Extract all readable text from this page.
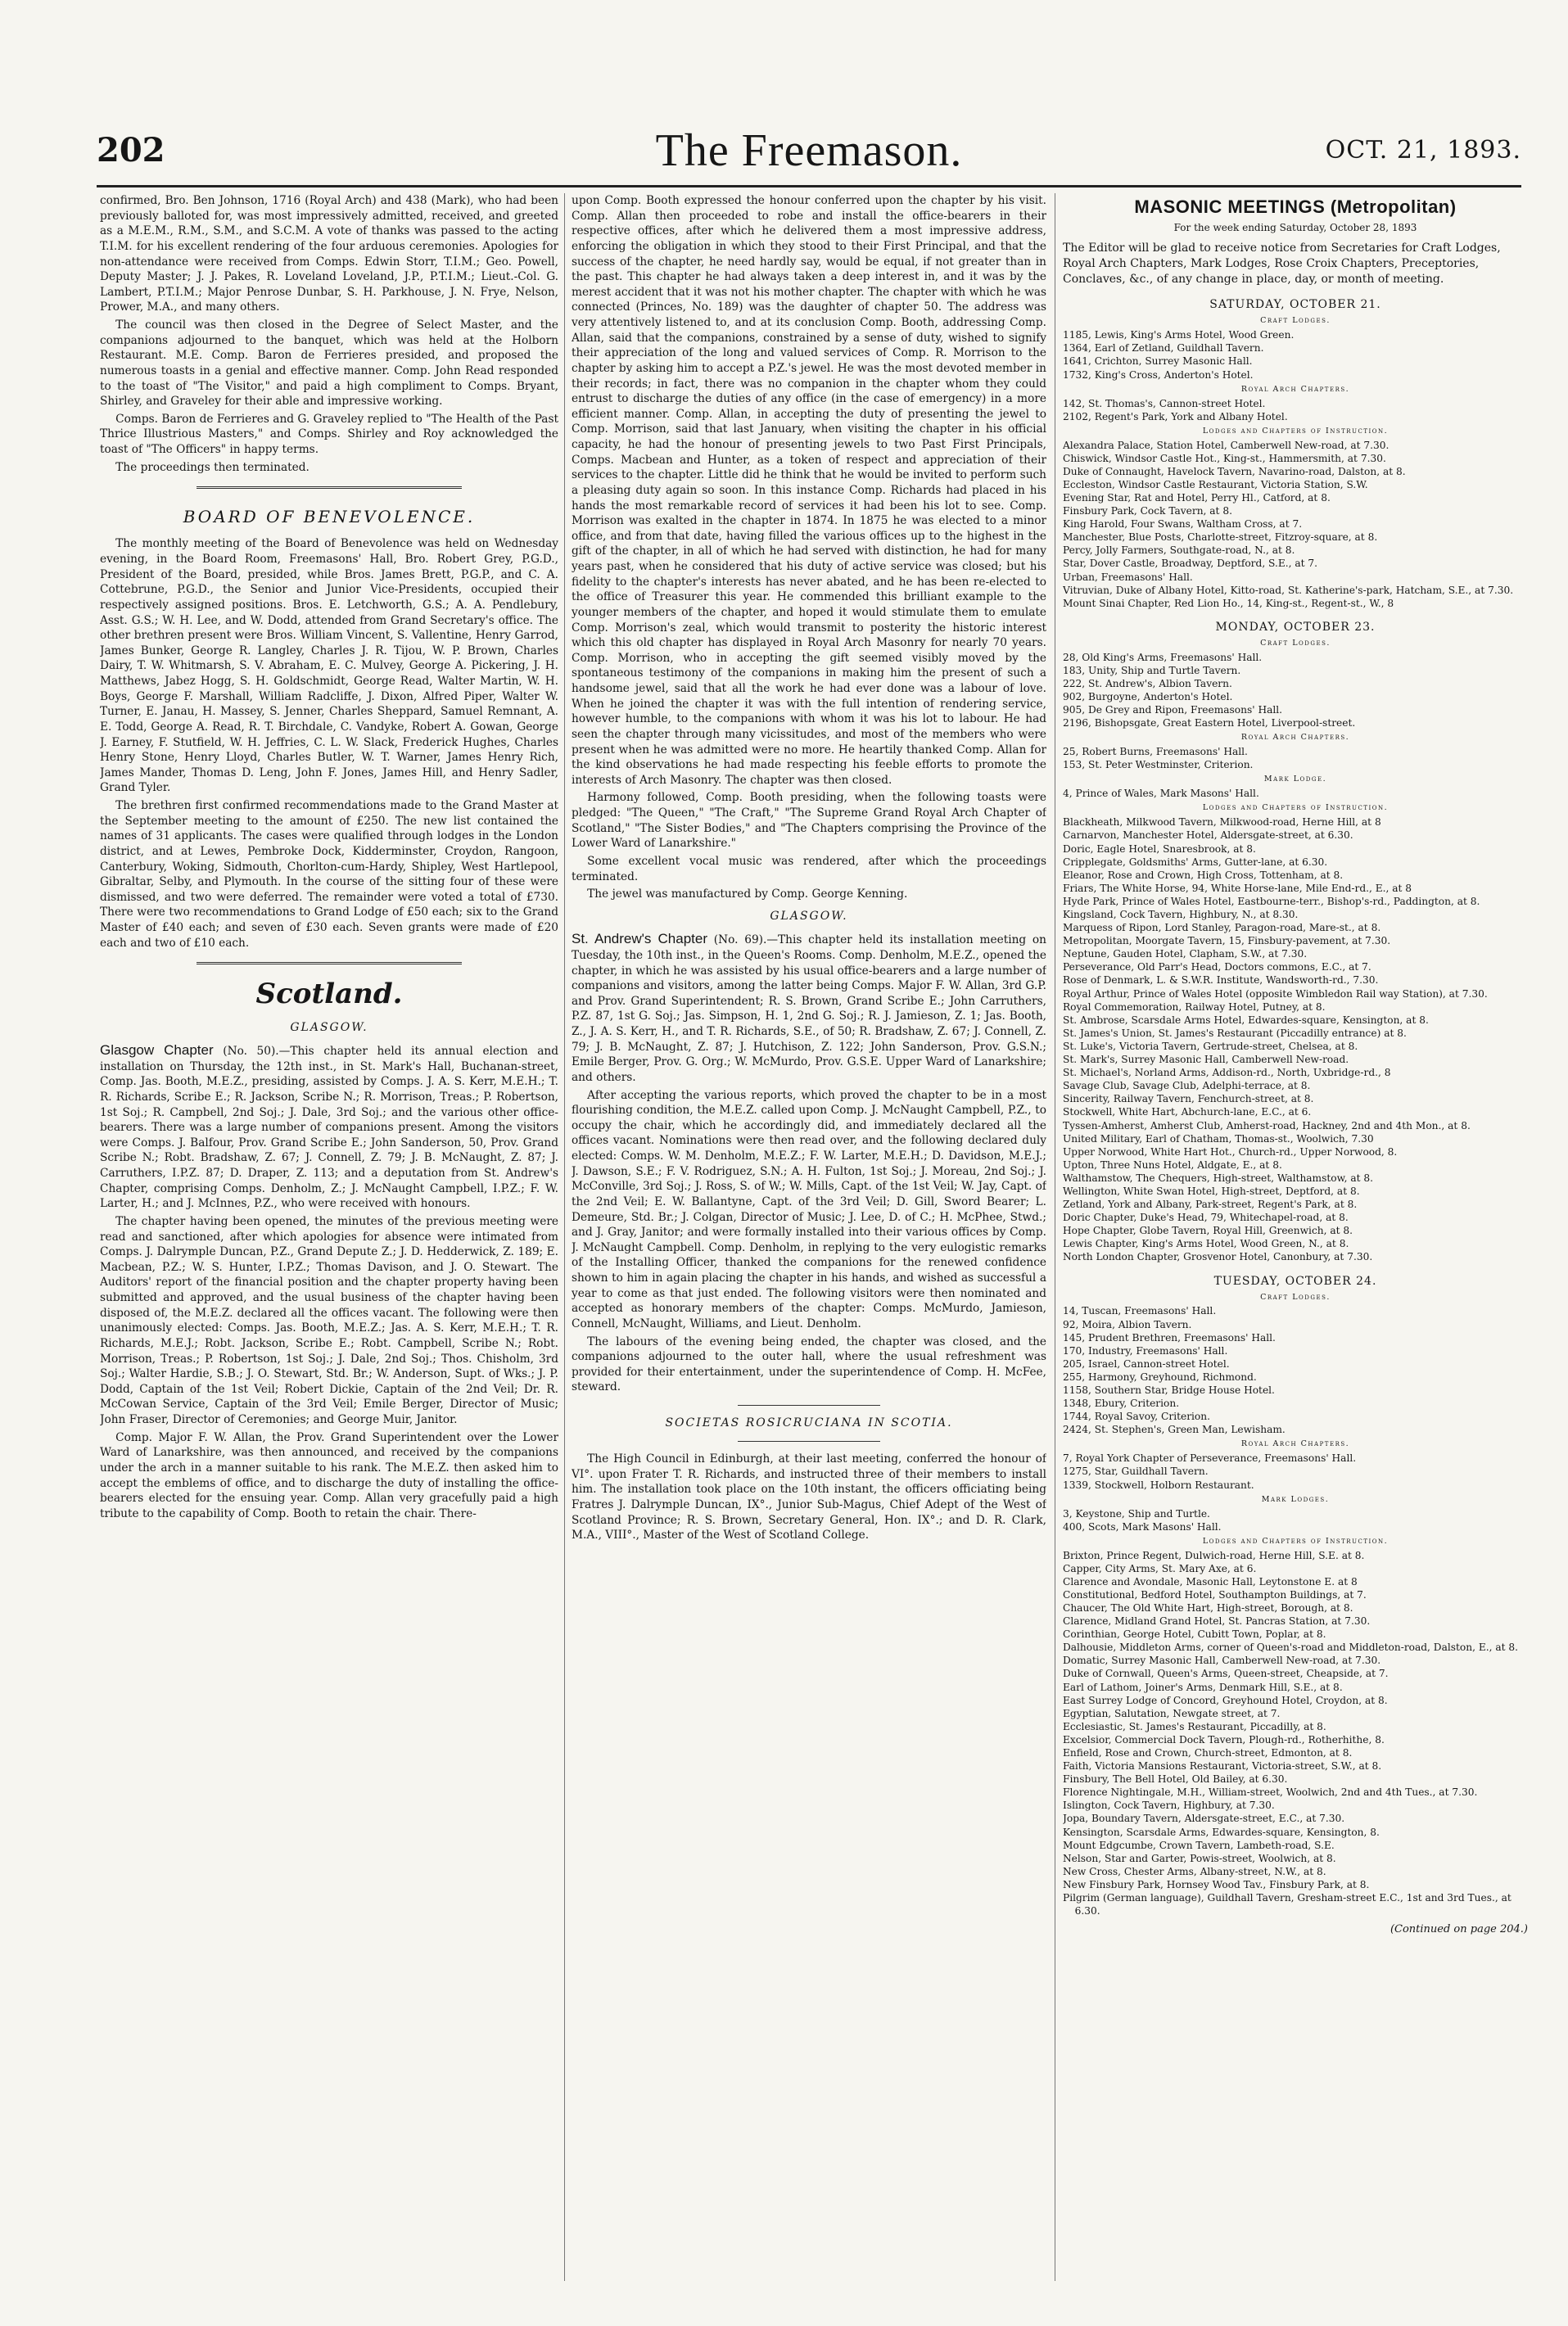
202	The Freemason.	OCT. 21, 1893.

confirmed, Bro. Ben Johnson, 1716 (Royal Arch) and 438 (Mark), who had been previously balloted for, was most impressively admitted, received, and greeted as a M.E.M., R.M., S.M., and S.C.M. A vote of thanks was passed to the acting T.I.M. for his excellent rendering of the four arduous ceremonies. Apologies for non-attendance were received from Comps. Edwin Storr, T.I.M.; Geo. Powell, Deputy Master; J. J. Pakes, R. Loveland Loveland, J.P., P.T.I.M.; Lieut.-Col. G. Lambert, P.T.I.M.; Major Penrose Dunbar, S. H. Parkhouse, J. N. Frye, Nelson, Prower, M.A., and many others.

The council was then closed in the Degree of Select Master, and the companions adjourned to the banquet, which was held at the Holborn Restaurant. M.E. Comp. Baron de Ferrieres presided, and proposed the numerous toasts in a genial and effective manner. Comp. John Read responded to the toast of "The Visitor," and paid a high compliment to Comps. Bryant, Shirley, and Graveley for their able and impressive working.

Comps. Baron de Ferrieres and G. Graveley replied to "The Health of the Past Thrice Illustrious Masters," and Comps. Shirley and Roy acknowledged the toast of "The Officers" in happy terms.

The proceedings then terminated.

BOARD OF BENEVOLENCE.

The monthly meeting of the Board of Benevolence was held on Wednesday evening, in the Board Room, Freemasons' Hall, Bro. Robert Grey, P.G.D., President of the Board, presided, while Bros. James Brett, P.G.P., and C. A. Cottebrune, P.G.D., the Senior and Junior Vice-Presidents, occupied their respectively assigned positions. Bros. E. Letchworth, G.S.; A. A. Pendlebury, Asst. G.S.; W. H. Lee, and W. Dodd, attended from Grand Secretary's office. The other brethren present were Bros. William Vincent, S. Vallentine, Henry Garrod, James Bunker, George R. Langley, Charles J. R. Tijou, W. P. Brown, Charles Dairy, T. W. Whitmarsh, S. V. Abraham, E. C. Mulvey, George A. Pickering, J. H. Matthews, Jabez Hogg, S. H. Goldschmidt, George Read, Walter Martin, W. H. Boys, George F. Marshall, William Radcliffe, J. Dixon, Alfred Piper, Walter W. Turner, E. Janau, H. Massey, S. Jenner, Charles Sheppard, Samuel Remnant, A. E. Todd, George A. Read, R. T. Birchdale, C. Vandyke, Robert A. Gowan, George J. Earney, F. Stutfield, W. H. Jeffries, C. L. W. Slack, Frederick Hughes, Charles Henry Stone, Henry Lloyd, Charles Butler, W. T. Warner, James Henry Rich, James Mander, Thomas D. Leng, John F. Jones, James Hill, and Henry Sadler, Grand Tyler.

The brethren first confirmed recommendations made to the Grand Master at the September meeting to the amount of £250. The new list contained the names of 31 applicants. The cases were qualified through lodges in the London district, and at Lewes, Pembroke Dock, Kidderminster, Croydon, Rangoon, Canterbury, Woking, Sidmouth, Chorlton-cum-Hardy, Shipley, West Hartlepool, Gibraltar, Selby, and Plymouth. In the course of the sitting four of these were dismissed, and two were deferred. The remainder were voted a total of £730. There were two recommendations to Grand Lodge of £50 each; six to the Grand Master of £40 each; and seven of £30 each. Seven grants were made of £20 each and two of £10 each.

Scotland.
GLASGOW.

Glasgow Chapter (No. 50).—This chapter held its annual election and installation on Thursday, the 12th inst., in St. Mark's Hall, Buchanan-street, Comp. Jas. Booth, M.E.Z., presiding, assisted by Comps. J. A. S. Kerr, M.E.H.; T. R. Richards, Scribe E.; R. Jackson, Scribe N.; R. Morrison, Treas.; P. Robertson, 1st Soj.; R. Campbell, 2nd Soj.; J. Dale, 3rd Soj.; and the various other office-bearers. There was a large number of companions present. Among the visitors were Comps. J. Balfour, Prov. Grand Scribe E.; John Sanderson, 50, Prov. Grand Scribe N.; Robt. Bradshaw, Z. 67; J. Connell, Z. 79; J. B. McNaught, Z. 87; J. Carruthers, I.P.Z. 87; D. Draper, Z. 113; and a deputation from St. Andrew's Chapter, comprising Comps. Denholm, Z.; J. McNaught Campbell, I.P.Z.; F. W. Larter, H.; and J. McInnes, P.Z., who were received with honours.

The chapter having been opened, the minutes of the previous meeting were read and sanctioned, after which apologies for absence were intimated from Comps. J. Dalrymple Duncan, P.Z., Grand Depute Z.; J. D. Hedderwick, Z. 189; E. Macbean, P.Z.; W. S. Hunter, I.P.Z.; Thomas Davison, and J. O. Stewart. The Auditors' report of the financial position and the chapter property having been submitted and approved, and the usual business of the chapter having been disposed of, the M.E.Z. declared all the offices vacant. The following were then unanimously elected: Comps. Jas. Booth, M.E.Z.; Jas. A. S. Kerr, M.E.H.; T. R. Richards, M.E.J.; Robt. Jackson, Scribe E.; Robt. Campbell, Scribe N.; Robt. Morrison, Treas.; P. Robertson, 1st Soj.; J. Dale, 2nd Soj.; Thos. Chisholm, 3rd Soj.; Walter Hardie, S.B.; J. O. Stewart, Std. Br.; W. Anderson, Supt. of Wks.; J. P. Dodd, Captain of the 1st Veil; Robert Dickie, Captain of the 2nd Veil; Dr. R. McCowan Service, Captain of the 3rd Veil; Emile Berger, Director of Music; John Fraser, Director of Ceremonies; and George Muir, Janitor.

Comp. Major F. W. Allan, the Prov. Grand Superintendent over the Lower Ward of Lanarkshire, was then announced, and received by the companions under the arch in a manner suitable to his rank. The M.E.Z. then asked him to accept the emblems of office, and to discharge the duty of installing the office-bearers elected for the ensuing year. Comp. Allan very gracefully paid a high tribute to the capability of Comp. Booth to retain the chair. There-

upon Comp. Booth expressed the honour conferred upon the chapter by his visit. Comp. Allan then proceeded to robe and install the office-bearers in their respective offices, after which he delivered them a most impressive address, enforcing the obligation in which they stood to their First Principal, and that the success of the chapter, he need hardly say, would be equal, if not greater than in the past. This chapter he had always taken a deep interest in, and it was by the merest accident that it was not his mother chapter. The chapter with which he was connected (Princes, No. 189) was the daughter of chapter 50. The address was very attentively listened to, and at its conclusion Comp. Booth, addressing Comp. Allan, said that the companions, constrained by a sense of duty, wished to signify their appreciation of the long and valued services of Comp. R. Morrison to the chapter by asking him to accept a P.Z.'s jewel. He was the most devoted member in their records; in fact, there was no companion in the chapter whom they could entrust to discharge the duties of any office (in the case of emergency) in a more efficient manner. Comp. Allan, in accepting the duty of presenting the jewel to Comp. Morrison, said that last January, when visiting the chapter in his official capacity, he had the honour of presenting jewels to two Past First Principals, Comps. Macbean and Hunter, as a token of respect and appreciation of their services to the chapter. Little did he think that he would be invited to perform such a pleasing duty again so soon. In this instance Comp. Richards had placed in his hands the most remarkable record of services it had been his lot to see. Comp. Morrison was exalted in the chapter in 1874. In 1875 he was elected to a minor office, and from that date, having filled the various offices up to the highest in the gift of the chapter, in all of which he had served with distinction, he had for many years past, when he considered that his duty of active service was closed; but his fidelity to the chapter's interests has never abated, and he has been re-elected to the office of Treasurer this year. He commended this brilliant example to the younger members of the chapter, and hoped it would stimulate them to emulate Comp. Morrison's zeal, which would transmit to posterity the historic interest which this old chapter has displayed in Royal Arch Masonry for nearly 70 years. Comp. Morrison, who in accepting the gift seemed visibly moved by the spontaneous testimony of the companions in making him the present of such a handsome jewel, said that all the work he had ever done was a labour of love. When he joined the chapter it was with the full intention of rendering service, however humble, to the companions with whom it was his lot to labour. He had seen the chapter through many vicissitudes, and most of the members who were present when he was admitted were no more. He heartily thanked Comp. Allan for the kind observations he had made respecting his feeble efforts to promote the interests of Arch Masonry. The chapter was then closed.

Harmony followed, Comp. Booth presiding, when the following toasts were pledged: "The Queen," "The Craft," "The Supreme Grand Royal Arch Chapter of Scotland," "The Sister Bodies," and "The Chapters comprising the Province of the Lower Ward of Lanarkshire."

Some excellent vocal music was rendered, after which the proceedings terminated.

The jewel was manufactured by Comp. George Kenning.

GLASGOW.

St. Andrew's Chapter (No. 69).—This chapter held its installation meeting on Tuesday, the 10th inst., in the Queen's Rooms. Comp. Denholm, M.E.Z., opened the chapter, in which he was assisted by his usual office-bearers and a large number of companions and visitors, among the latter being Comps. Major F. W. Allan, 3rd G.P. and Prov. Grand Superintendent; R. S. Brown, Grand Scribe E.; John Carruthers, P.Z. 87, 1st G. Soj.; Jas. Simpson, H. 1, 2nd G. Soj.; R. J. Jamieson, Z. 1; Jas. Booth, Z., J. A. S. Kerr, H., and T. R. Richards, S.E., of 50; R. Bradshaw, Z. 67; J. Connell, Z. 79; J. B. McNaught, Z. 87; J. Hutchison, Z. 122; John Sanderson, Prov. G.S.N.; Emile Berger, Prov. G. Org.; W. McMurdo, Prov. G.S.E. Upper Ward of Lanarkshire; and others.

After accepting the various reports, which proved the chapter to be in a most flourishing condition, the M.E.Z. called upon Comp. J. McNaught Campbell, P.Z., to occupy the chair, which he accordingly did, and immediately declared all the offices vacant. Nominations were then read over, and the following declared duly elected: Comps. W. M. Denholm, M.E.Z.; F. W. Larter, M.E.H.; D. Davidson, M.E.J.; J. Dawson, S.E.; F. V. Rodriguez, S.N.; A. H. Fulton, 1st Soj.; J. Moreau, 2nd Soj.; J. McConville, 3rd Soj.; J. Ross, S. of W.; W. Mills, Capt. of the 1st Veil; W. Jay, Capt. of the 2nd Veil; E. W. Ballantyne, Capt. of the 3rd Veil; D. Gill, Sword Bearer; L. Demeure, Std. Br.; J. Colgan, Director of Music; J. Lee, D. of C.; H. McPhee, Stwd.; and J. Gray, Janitor; and were formally installed into their various offices by Comp. J. McNaught Campbell. Comp. Denholm, in replying to the very eulogistic remarks of the Installing Officer, thanked the companions for the renewed confidence shown to him in again placing the chapter in his hands, and wished as successful a year to come as that just ended. The following visitors were then nominated and accepted as honorary members of the chapter: Comps. McMurdo, Jamieson, Connell, McNaught, Williams, and Lieut. Denholm.

The labours of the evening being ended, the chapter was closed, and the companions adjourned to the outer hall, where the usual refreshment was provided for their entertainment, under the superintendence of Comp. H. McFee, steward.

SOCIETAS ROSICRUCIANA IN SCOTIA.

The High Council in Edinburgh, at their last meeting, conferred the honour of VI°. upon Frater T. R. Richards, and instructed three of their members to install him. The installation took place on the 10th instant, the officers officiating being Fratres J. Dalrymple Duncan, IX°., Junior Sub-Magus, Chief Adept of the West of Scotland Province; R. S. Brown, Secretary General, Hon. IX°.; and D. R. Clark, M.A., VIII°., Master of the West of Scotland College.

MASONIC MEETINGS (Metropolitan)
For the week ending Saturday, October 28, 1893

The Editor will be glad to receive notice from Secretaries for Craft Lodges, Royal Arch Chapters, Mark Lodges, Rose Croix Chapters, Preceptories, Conclaves, &c., of any change in place, day, or month of meeting.

SATURDAY, OCTOBER 21.
Craft Lodges.

1185, Lewis, King's Arms Hotel, Wood Green.

1364, Earl of Zetland, Guildhall Tavern.

1641, Crichton, Surrey Masonic Hall.

1732, King's Cross, Anderton's Hotel.

Royal Arch Chapters.

142, St. Thomas's, Cannon-street Hotel.

2102, Regent's Park, York and Albany Hotel.

Lodges and Chapters of Instruction.

Alexandra Palace, Station Hotel, Camberwell New-road, at 7.30.

Chiswick, Windsor Castle Hot., King-st., Hammersmith, at 7.30.

Duke of Connaught, Havelock Tavern, Navarino-road, Dalston, at 8.

Eccleston, Windsor Castle Restaurant, Victoria Station, S.W.

Evening Star, Rat and Hotel, Perry Hl., Catford, at 8.

Finsbury Park, Cock Tavern, at 8.

King Harold, Four Swans, Waltham Cross, at 7.

Manchester, Blue Posts, Charlotte-street, Fitzroy-square, at 8.

Percy, Jolly Farmers, Southgate-road, N., at 8.

Star, Dover Castle, Broadway, Deptford, S.E., at 7.

Urban, Freemasons' Hall.

Vitruvian, Duke of Albany Hotel, Kitto-road, St. Katherine's-park, Hatcham, S.E., at 7.30.

Mount Sinai Chapter, Red Lion Ho., 14, King-st., Regent-st., W., 8

MONDAY, OCTOBER 23.
Craft Lodges.

28, Old King's Arms, Freemasons' Hall.

183, Unity, Ship and Turtle Tavern.

222, St. Andrew's, Albion Tavern.

902, Burgoyne, Anderton's Hotel.

905, De Grey and Ripon, Freemasons' Hall.

2196, Bishopsgate, Great Eastern Hotel, Liverpool-street.

Royal Arch Chapters.

25, Robert Burns, Freemasons' Hall.

153, St. Peter Westminster, Criterion.

Mark Lodge.

4, Prince of Wales, Mark Masons' Hall.

Lodges and Chapters of Instruction.

Blackheath, Milkwood Tavern, Milkwood-road, Herne Hill, at 8

Carnarvon, Manchester Hotel, Aldersgate-street, at 6.30.

Doric, Eagle Hotel, Snaresbrook, at 8.

Cripplegate, Goldsmiths' Arms, Gutter-lane, at 6.30.

Eleanor, Rose and Crown, High Cross, Tottenham, at 8.

Friars, The White Horse, 94, White Horse-lane, Mile End-rd., E., at 8

Hyde Park, Prince of Wales Hotel, Eastbourne-terr., Bishop's-rd., Paddington, at 8.

Kingsland, Cock Tavern, Highbury, N., at 8.30.

Marquess of Ripon, Lord Stanley, Paragon-road, Mare-st., at 8.

Metropolitan, Moorgate Tavern, 15, Finsbury-pavement, at 7.30.

Neptune, Gauden Hotel, Clapham, S.W., at 7.30.

Perseverance, Old Parr's Head, Doctors commons, E.C., at 7.

Rose of Denmark, L. & S.W.R. Institute, Wandsworth-rd., 7.30.

Royal Arthur, Prince of Wales Hotel (opposite Wimbledon Rail way Station), at 7.30.

Royal Commemoration, Railway Hotel, Putney, at 8.

St. Ambrose, Scarsdale Arms Hotel, Edwardes-square, Kensington, at 8.

St. James's Union, St. James's Restaurant (Piccadilly entrance) at 8.

St. Luke's, Victoria Tavern, Gertrude-street, Chelsea, at 8.

St. Mark's, Surrey Masonic Hall, Camberwell New-road.

St. Michael's, Norland Arms, Addison-rd., North, Uxbridge-rd., 8

Savage Club, Savage Club, Adelphi-terrace, at 8.

Sincerity, Railway Tavern, Fenchurch-street, at 8.

Stockwell, White Hart, Abchurch-lane, E.C., at 6.

Tyssen-Amherst, Amherst Club, Amherst-road, Hackney, 2nd and 4th Mon., at 8.

United Military, Earl of Chatham, Thomas-st., Woolwich, 7.30

Upper Norwood, White Hart Hot., Church-rd., Upper Norwood, 8.

Upton, Three Nuns Hotel, Aldgate, E., at 8.

Walthamstow, The Chequers, High-street, Walthamstow, at 8.

Wellington, White Swan Hotel, High-street, Deptford, at 8.

Zetland, York and Albany, Park-street, Regent's Park, at 8.

Doric Chapter, Duke's Head, 79, Whitechapel-road, at 8.

Hope Chapter, Globe Tavern, Royal Hill, Greenwich, at 8.

Lewis Chapter, King's Arms Hotel, Wood Green, N., at 8.

North London Chapter, Grosvenor Hotel, Canonbury, at 7.30.

TUESDAY, OCTOBER 24.
Craft Lodges.

14, Tuscan, Freemasons' Hall.

92, Moira, Albion Tavern.

145, Prudent Brethren, Freemasons' Hall.

170, Industry, Freemasons' Hall.

205, Israel, Cannon-street Hotel.

255, Harmony, Greyhound, Richmond.

1158, Southern Star, Bridge House Hotel.

1348, Ebury, Criterion.

1744, Royal Savoy, Criterion.

2424, St. Stephen's, Green Man, Lewisham.

Royal Arch Chapters.

7, Royal York Chapter of Perseverance, Freemasons' Hall.

1275, Star, Guildhall Tavern.

1339, Stockwell, Holborn Restaurant.

Mark Lodges.

3, Keystone, Ship and Turtle.

400, Scots, Mark Masons' Hall.

Lodges and Chapters of Instruction.

Brixton, Prince Regent, Dulwich-road, Herne Hill, S.E. at 8.

Capper, City Arms, St. Mary Axe, at 6.

Clarence and Avondale, Masonic Hall, Leytonstone E. at 8

Constitutional, Bedford Hotel, Southampton Buildings, at 7.

Chaucer, The Old White Hart, High-street, Borough, at 8.

Clarence, Midland Grand Hotel, St. Pancras Station, at 7.30.

Corinthian, George Hotel, Cubitt Town, Poplar, at 8.

Dalhousie, Middleton Arms, corner of Queen's-road and Middleton-road, Dalston, E., at 8.

Domatic, Surrey Masonic Hall, Camberwell New-road, at 7.30.

Duke of Cornwall, Queen's Arms, Queen-street, Cheapside, at 7.

Earl of Lathom, Joiner's Arms, Denmark Hill, S.E., at 8.

East Surrey Lodge of Concord, Greyhound Hotel, Croydon, at 8.

Egyptian, Salutation, Newgate street, at 7.

Ecclesiastic, St. James's Restaurant, Piccadilly, at 8.

Excelsior, Commercial Dock Tavern, Plough-rd., Rotherhithe, 8.

Enfield, Rose and Crown, Church-street, Edmonton, at 8.

Faith, Victoria Mansions Restaurant, Victoria-street, S.W., at 8.

Finsbury, The Bell Hotel, Old Bailey, at 6.30.

Florence Nightingale, M.H., William-street, Woolwich, 2nd and 4th Tues., at 7.30.

Islington, Cock Tavern, Highbury, at 7.30.

Jopa, Boundary Tavern, Aldersgate-street, E.C., at 7.30.

Kensington, Scarsdale Arms, Edwardes-square, Kensington, 8.

Mount Edgcumbe, Crown Tavern, Lambeth-road, S.E.

Nelson, Star and Garter, Powis-street, Woolwich, at 8.

New Cross, Chester Arms, Albany-street, N.W., at 8.

New Finsbury Park, Hornsey Wood Tav., Finsbury Park, at 8.

Pilgrim (German language), Guildhall Tavern, Gresham-street E.C., 1st and 3rd Tues., at 6.30.

(Continued on page 204.)
